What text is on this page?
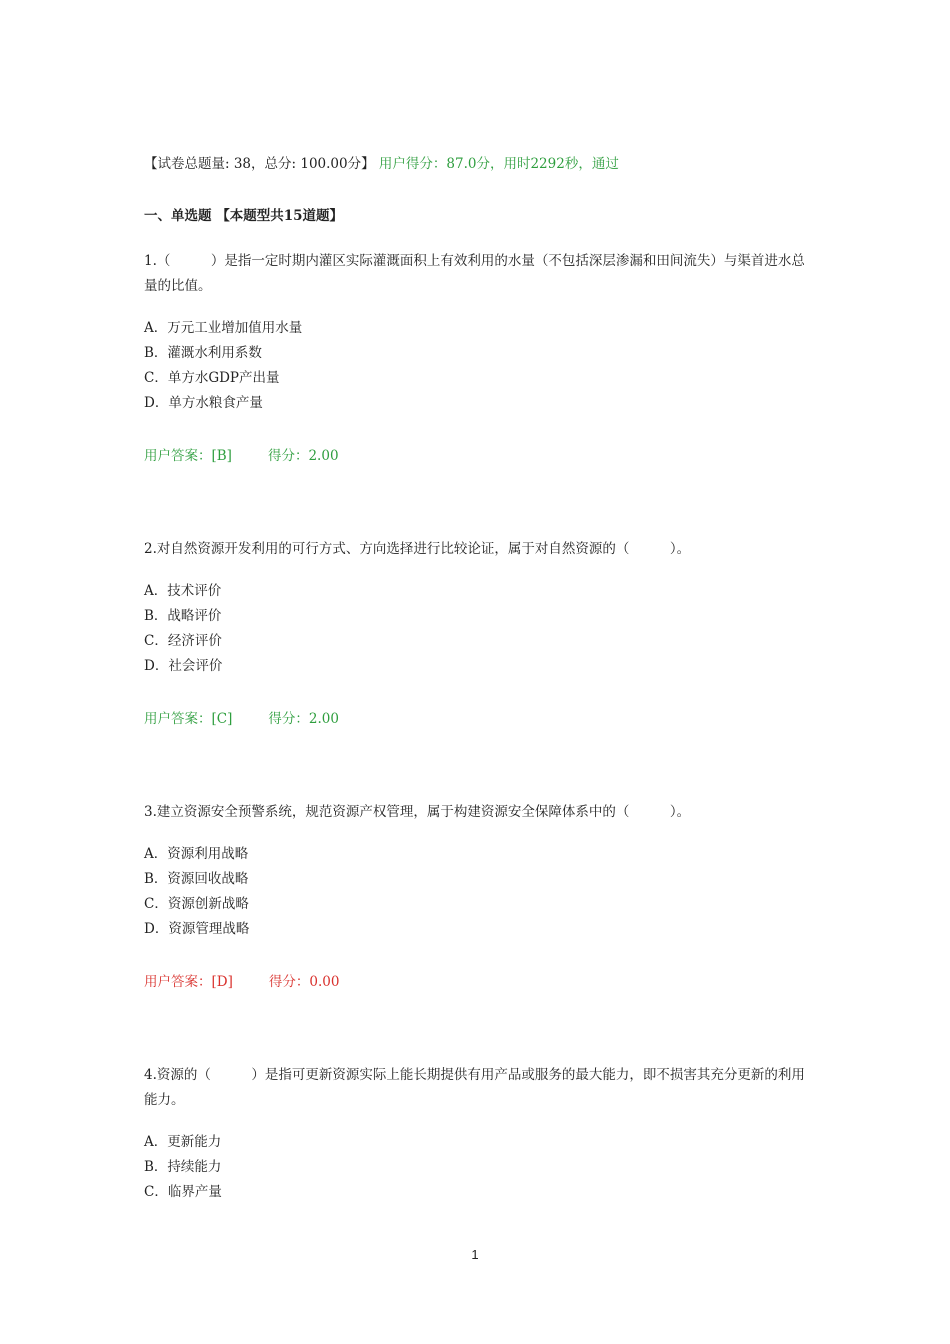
【试卷总题量: 38，总分: 100.00分】 用户得分：87.0分，用时2292秒，通过
一、单选题 【本题型共15道题】

1.（　　　）是指一定时期内灌区实际灌溉面积上有效利用的水量（不包括深层渗漏和田间流失）与渠首进水总量的比值。

A．万元工业增加值用水量
B．灌溉水利用系数
C．单方水GDP产出量
D．单方水粮食产量
用户答案：[B]	得分：2.00

2.对自然资源开发利用的可行方式、方向选择进行比较论证，属于对自然资源的（　　　）。

A．技术评价
B．战略评价
C．经济评价
D．社会评价
用户答案：[C]	得分：2.00

3.建立资源安全预警系统，规范资源产权管理，属于构建资源安全保障体系中的（　　　）。

A．资源利用战略
B．资源回收战略
C．资源创新战略
D．资源管理战略
用户答案：[D]	得分：0.00

4.资源的（　　　）是指可更新资源实际上能长期提供有用产品或服务的最大能力，即不损害其充分更新的利用能力。

A．更新能力
B．持续能力
C．临界产量
1
